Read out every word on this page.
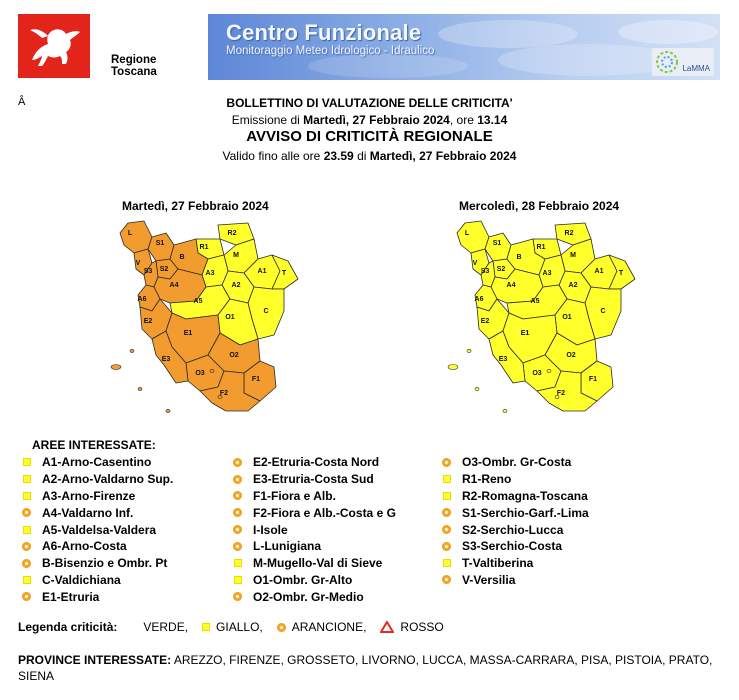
Regione Toscana
Centro Funzionale
Monitoraggio Meteo Idrologico - Idraulico
LaMMA
Â	BOLLETTINO DI VALUTAZIONE DELLE CRITICITA'
Emissione di Martedì, 27 Febbraio 2024, ore 13.14
AVVISO DI CRITICITÀ REGIONALE
Valido fino alle ore 23.59 di Martedì, 27 Febbraio 2024
Martedì, 27 Febbraio 2024	Mercoledì, 28 Febbraio 2024
L
V
S1
S2
S3
A4
A6
B
E1
E2
E3
F1
F2
O1
O2
O3
R1
R2
M
A1
A2
A3
A5
C
T
L
V
S1
S2
S3
A4
A6
B
E1
E2
E3
F1
F2
O1
O2
O3
R1
R2
M
A1
A2
A3
A5
C
T
AREE INTERESSATE:
A1-Arno-Casentino
A2-Arno-Valdarno Sup.
A3-Arno-Firenze
A4-Valdarno Inf.
A5-Valdelsa-Valdera
A6-Arno-Costa
B-Bisenzio e Ombr. Pt
C-Valdichiana
E1-Etruria
E2-Etruria-Costa Nord
E3-Etruria-Costa Sud
F1-Fiora e Alb.
F2-Fiora e Alb.-Costa e G
I-Isole
L-Lunigiana
M-Mugello-Val di Sieve
O1-Ombr. Gr-Alto
O2-Ombr. Gr-Medio
O3-Ombr. Gr-Costa
R1-Reno
R2-Romagna-Toscana
S1-Serchio-Garf.-Lima
S2-Serchio-Lucca
S3-Serchio-Costa
T-Valtiberina
V-Versilia
Legenda criticità: VERDE, GIALLO, ARANCIONE,	ROSSO
PROVINCE INTERESSATE: AREZZO, FIRENZE, GROSSETO, LIVORNO, LUCCA, MASSA-CARRARA, PISA, PISTOIA, PRATO, SIENA
